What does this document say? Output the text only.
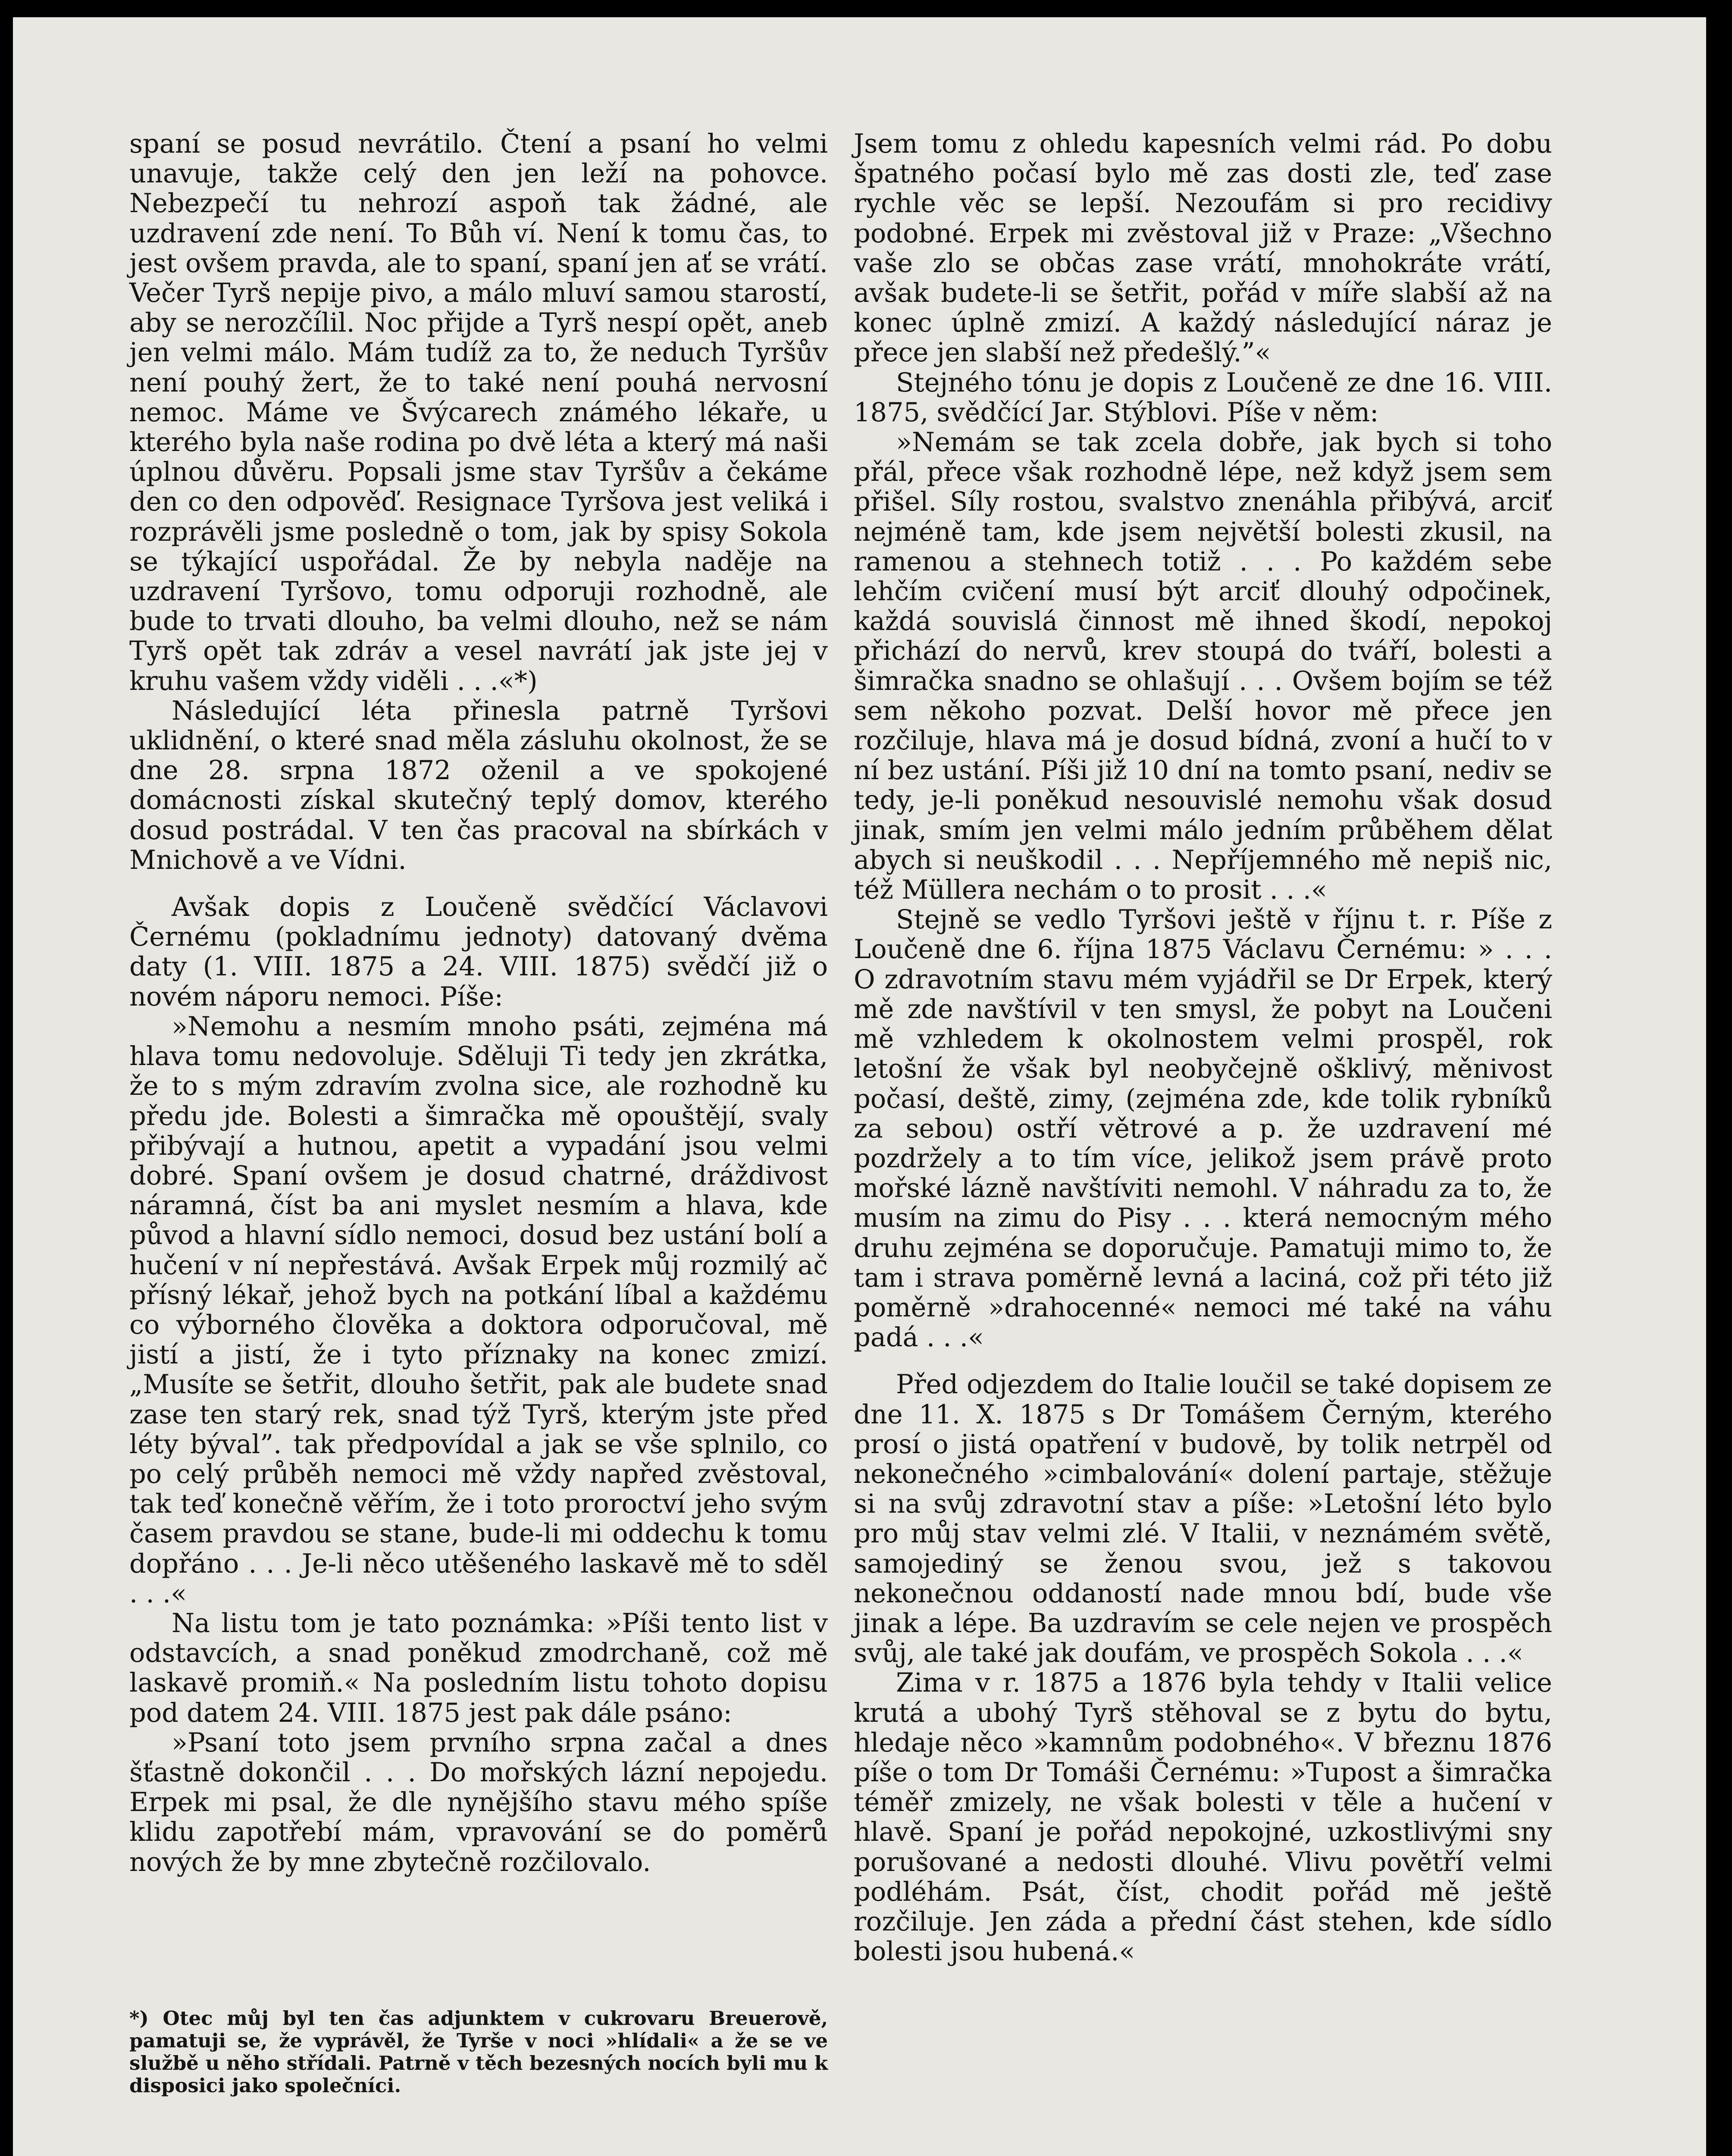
spaní se posud nevrátilo. Čtení a psaní ho velmi unavuje, takže celý den jen leží na pohovce. Nebezpečí tu nehrozí aspoň tak žádné, ale uzdravení zde není. To Bůh ví. Není k tomu čas, to jest ovšem pravda, ale to spaní, spaní jen ať se vrátí. Večer Tyrš nepije pivo, a málo mluví samou starostí, aby se nerozčílil. Noc přijde a Tyrš nespí opět, aneb jen velmi málo. Mám tudíž za to, že neduch Tyršův není pouhý žert, že to také není pouhá nervosní nemoc. Máme ve Švýcarech známého lékaře, u kterého byla naše rodina po dvě léta a který má naši úplnou důvěru. Popsali jsme stav Tyršův a čekáme den co den odpověď. Resignace Tyršova jest veliká i rozprávěli jsme posledně o tom, jak by spisy Sokola se týkající uspořádal. Že by nebyla naděje na uzdravení Tyršovo, tomu odporuji rozhodně, ale bude to trvati dlouho, ba velmi dlouho, než se nám Tyrš opět tak zdráv a vesel navrátí jak jste jej v kruhu vašem vždy viděli . . .«*)

Následující léta přinesla patrně Tyršovi uklidnění, o které snad měla zásluhu okolnost, že se dne 28. srpna 1872 oženil a ve spokojené domácnosti získal skutečný teplý domov, kterého dosud postrádal. V ten čas pracoval na sbírkách v Mnichově a ve Vídni.

Avšak dopis z Loučeně svědčící Václavovi Černému (pokladnímu jednoty) datovaný dvěma daty (1. VIII. 1875 a 24. VIII. 1875) svědčí již o novém náporu nemoci. Píše:

»Nemohu a nesmím mnoho psáti, zejména má hlava tomu nedovoluje. Sděluji Ti tedy jen zkrátka, že to s mým zdravím zvolna sice, ale rozhodně ku předu jde. Bolesti a šimračka mě opouštějí, svaly přibývají a hutnou, apetit a vypadání jsou velmi dobré. Spaní ovšem je dosud chatrné, dráždivost náramná, číst ba ani myslet nesmím a hlava, kde původ a hlavní sídlo nemoci, dosud bez ustání bolí a hučení v ní nepřestává. Avšak Erpek můj rozmilý ač přísný lékař, jehož bych na potkání líbal a každému co výborného člověka a doktora odporučoval, mě jistí a jistí, že i tyto příznaky na konec zmizí. „Musíte se šetřit, dlouho šetřit, pak ale budete snad zase ten starý rek, snad týž Tyrš, kterým jste před léty býval”. tak předpovídal a jak se vše splnilo, co po celý průběh nemoci mě vždy napřed zvěstoval, tak teď konečně věřím, že i toto proroctví jeho svým časem pravdou se stane, bude-li mi oddechu k tomu dopřáno . . . Je-li něco utěšeného laskavě mě to sděl . . .«

Na listu tom je tato poznámka: »Píši tento list v odstavcích, a snad poněkud zmodrchaně, což mě laskavě promiň.« Na posledním listu tohoto dopisu pod datem 24. VIII. 1875 jest pak dále psáno:

»Psaní toto jsem prvního srpna začal a dnes šťastně dokončil . . . Do mořských lázní nepojedu. Erpek mi psal, že dle nynějšího stavu mého spíše klidu zapotřebí mám, vpravování se do poměrů nových že by mne zbytečně rozčilovalo.

*) Otec můj byl ten čas adjunktem v cukrovaru Breuerově, pamatuji se, že vyprávěl, že Tyrše v noci »hlídali« a že se ve službě u něho střídali. Patrně v těch bezesných nocích byli mu k disposici jako společníci.

Jsem tomu z ohledu kapesních velmi rád. Po dobu špatného počasí bylo mě zas dosti zle, teď zase rychle věc se lepší. Nezoufám si pro recidivy podobné. Erpek mi zvěstoval již v Praze: „Všechno vaše zlo se občas zase vrátí, mnohokráte vrátí, avšak budete-li se šetřit, pořád v míře slabší až na konec úplně zmizí. A každý následující náraz je přece jen slabší než předešlý.”«

Stejného tónu je dopis z Loučeně ze dne 16. VIII. 1875, svědčící Jar. Stýblovi. Píše v něm:

»Nemám se tak zcela dobře, jak bych si toho přál, přece však rozhodně lépe, než když jsem sem přišel. Síly rostou, svalstvo znenáhla přibývá, arciť nejméně tam, kde jsem největší bolesti zkusil, na ramenou a stehnech totiž . . . Po každém sebe lehčím cvičení musí být arciť dlouhý odpočinek, každá souvislá činnost mě ihned škodí, nepokoj přichází do nervů, krev stoupá do tváří, bolesti a šimračka snadno se ohlašují . . . Ovšem bojím se též sem někoho pozvat. Delší hovor mě přece jen rozčiluje, hlava má je dosud bídná, zvoní a hučí to v ní bez ustání. Píši již 10 dní na tomto psaní, nediv se tedy, je-li poněkud nesouvislé nemohu však dosud jinak, smím jen velmi málo jedním průběhem dělat abych si neuškodil . . . Nepříjemného mě nepiš nic, též Müllera nechám o to prosit . . .«

Stejně se vedlo Tyršovi ještě v říjnu t. r. Píše z Loučeně dne 6. října 1875 Václavu Černému: » . . . O zdravotním stavu mém vyjádřil se Dr Erpek, který mě zde navštívil v ten smysl, že pobyt na Loučeni mě vzhledem k okolnostem velmi prospěl, rok letošní že však byl neobyčejně ošklivý, měnivost počasí, deště, zimy, (zejména zde, kde tolik rybníků za sebou) ostří větrové a p. že uzdravení mé pozdržely a to tím více, jelikož jsem právě proto mořské lázně navštíviti nemohl. V náhradu za to, že musím na zimu do Pisy . . . která nemocným mého druhu zejména se doporučuje. Pamatuji mimo to, že tam i strava poměrně levná a laciná, což při této již poměrně »drahocenné« nemoci mé také na váhu padá . . .«

Před odjezdem do Italie loučil se také dopisem ze dne 11. X. 1875 s Dr Tomášem Černým, kterého prosí o jistá opatření v budově, by tolik netrpěl od nekonečného »cimbalování« dolení partaje, stěžuje si na svůj zdravotní stav a píše: »Letošní léto bylo pro můj stav velmi zlé. V Italii, v neznámém světě, samojediný se ženou svou, jež s takovou nekonečnou oddaností nade mnou bdí, bude vše jinak a lépe. Ba uzdravím se cele nejen ve prospěch svůj, ale také jak doufám, ve prospěch Sokola . . .«

Zima v r. 1875 a 1876 byla tehdy v Italii velice krutá a ubohý Tyrš stěhoval se z bytu do bytu, hledaje něco »kamnům podobného«. V březnu 1876 píše o tom Dr Tomáši Černému: »Tupost a šimračka téměř zmizely, ne však bolesti v těle a hučení v hlavě. Spaní je pořád nepokojné, uzkostlivými sny porušované a nedosti dlouhé. Vlivu povětří velmi podléhám. Psát, číst, chodit pořád mě ještě rozčiluje. Jen záda a přední část stehen, kde sídlo bolesti jsou hubená.«
